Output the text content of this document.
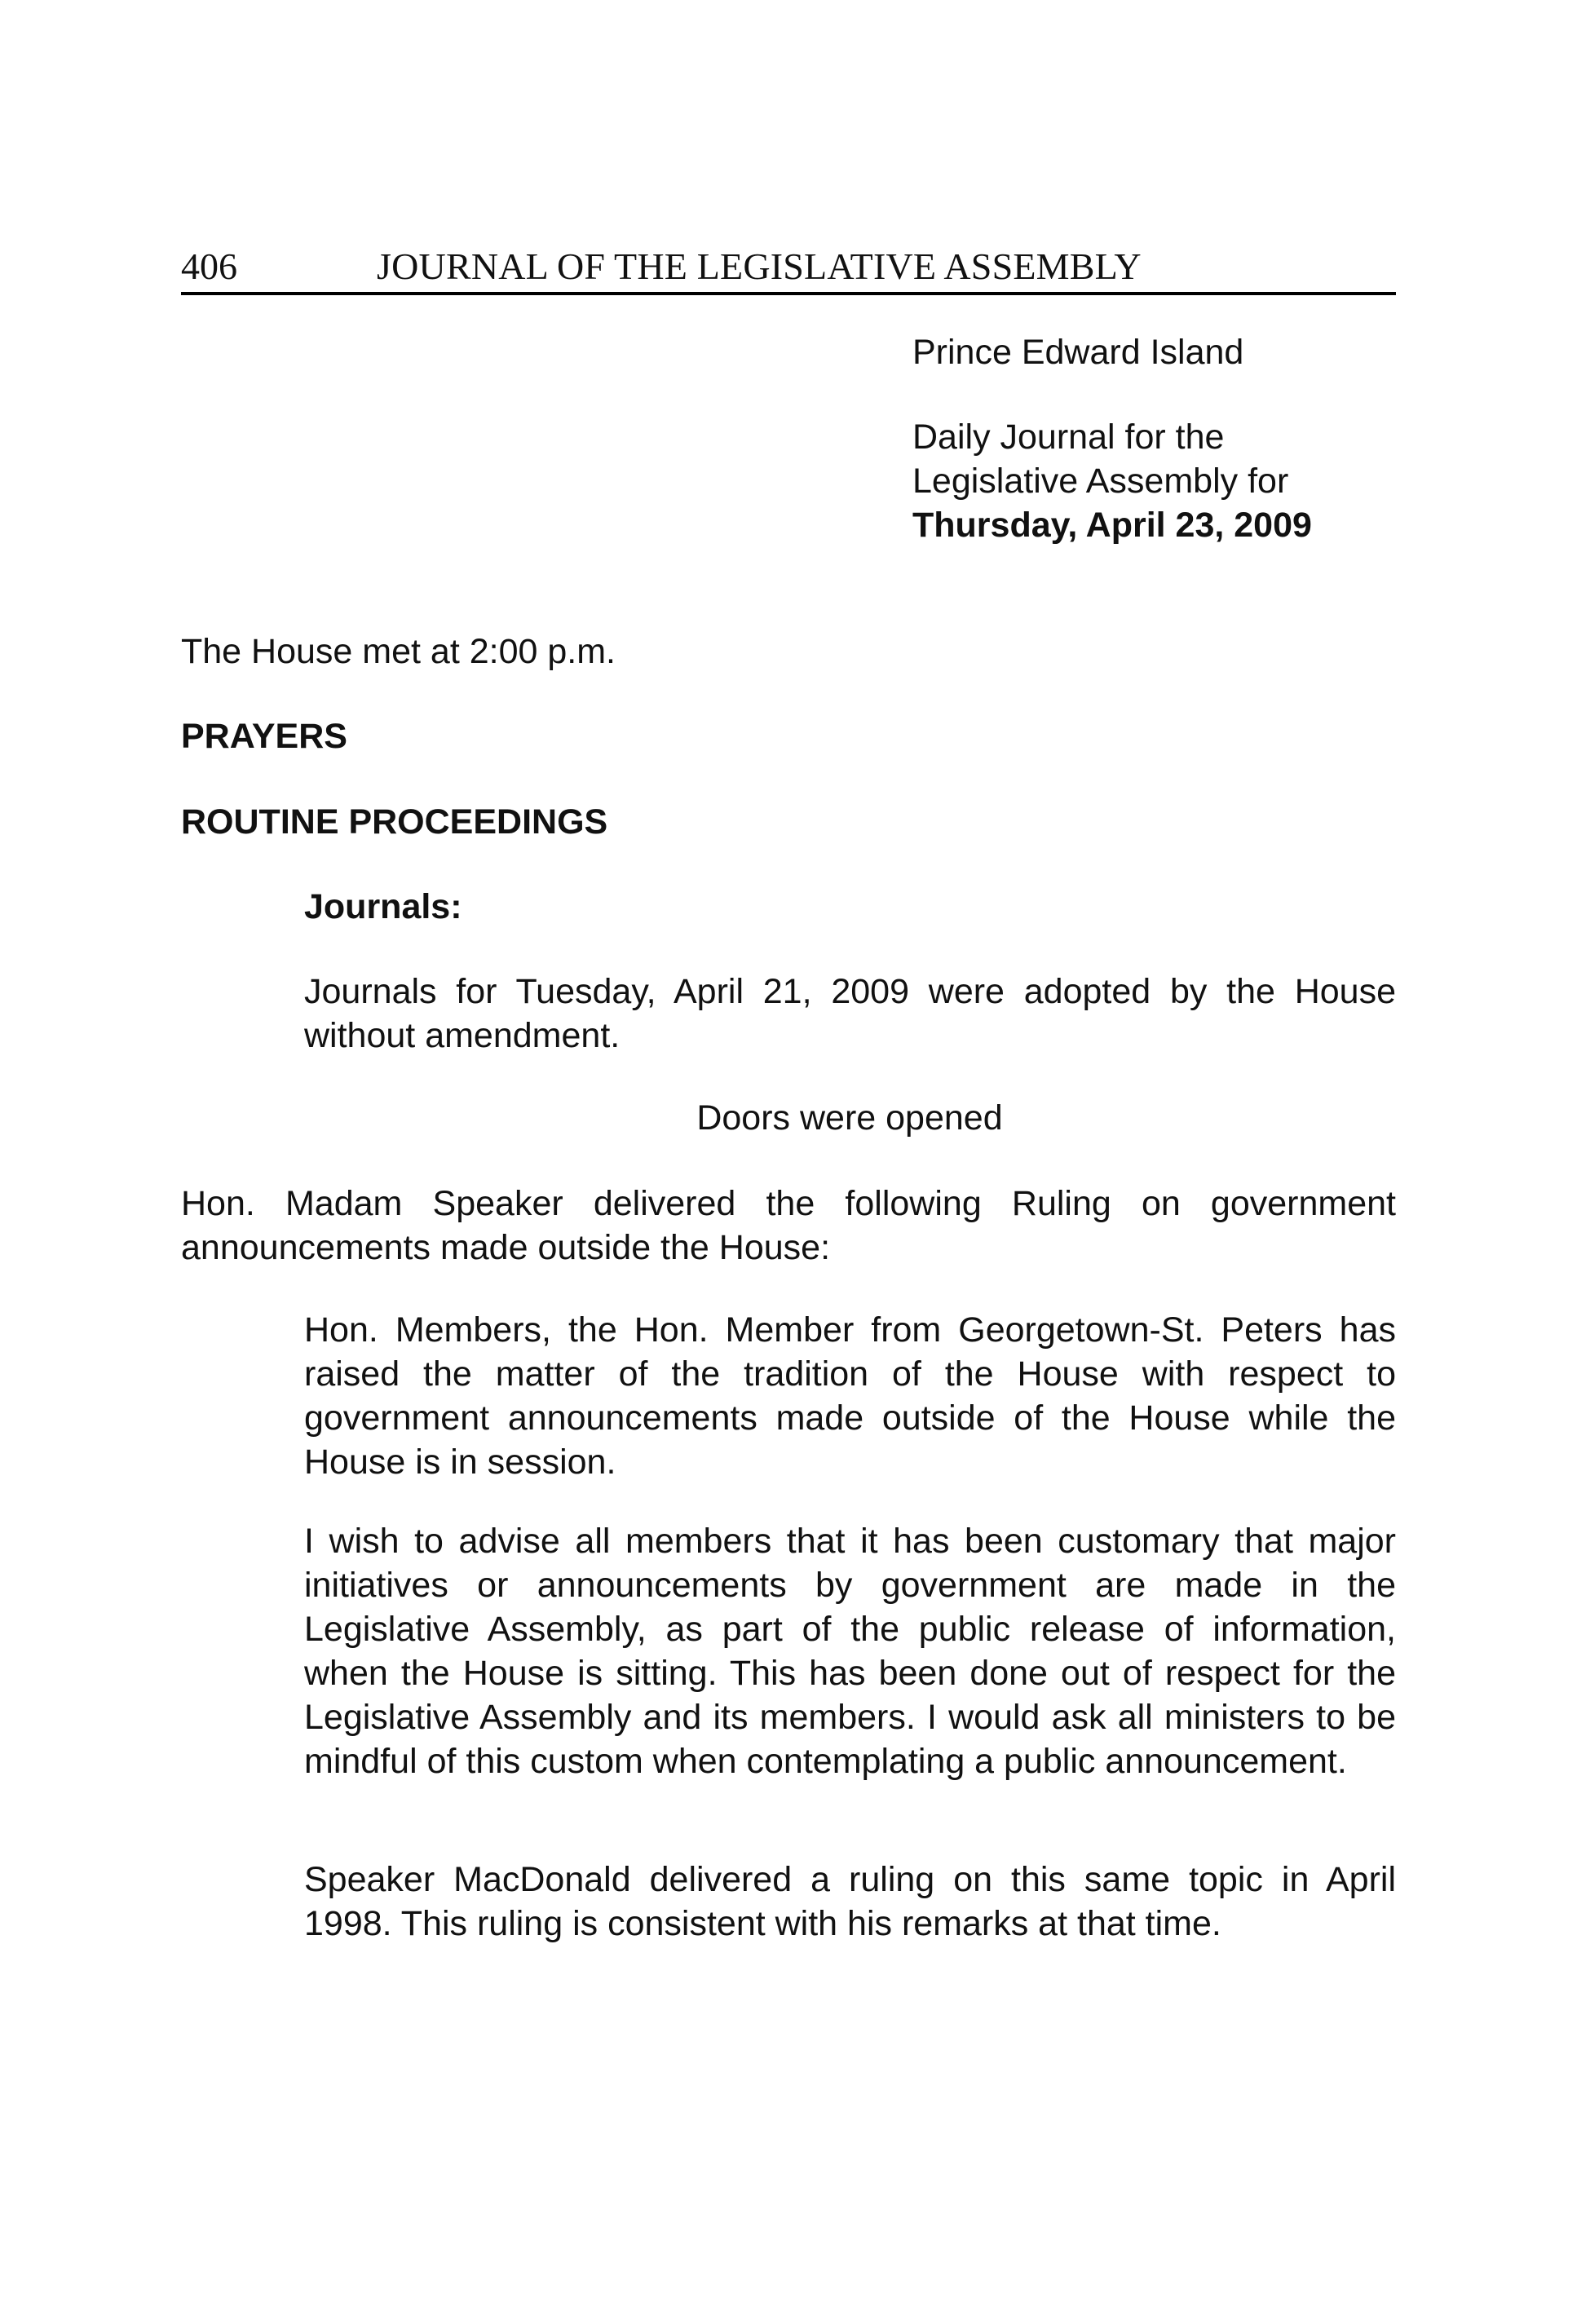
406	JOURNAL OF THE LEGISLATIVE ASSEMBLY

Prince Edward Island

Daily Journal for the

Legislative Assembly for

Thursday, April 23, 2009

The House met at 2:00 p.m.
PRAYERS
ROUTINE PROCEEDINGS
Journals:

Journals for Tuesday, April 21, 2009 were adopted by the House without amendment.

Doors were opened

Hon. Madam Speaker delivered the following Ruling on government announcements made outside the House:

Hon. Members, the Hon. Member from Georgetown-St. Peters has raised the matter of the tradition of the House with respect to government announcements made outside of the House while the House is in session.

I wish to advise all members that it has been customary that major initiatives or announcements by government are made in the Legislative Assembly, as part of the public release of information, when the House is sitting. This has been done out of respect for the Legislative Assembly and its members. I would ask all ministers to be mindful of this custom when contemplating a public announcement.

Speaker MacDonald delivered a ruling on this same topic in April 1998. This ruling is consistent with his remarks at that time.
